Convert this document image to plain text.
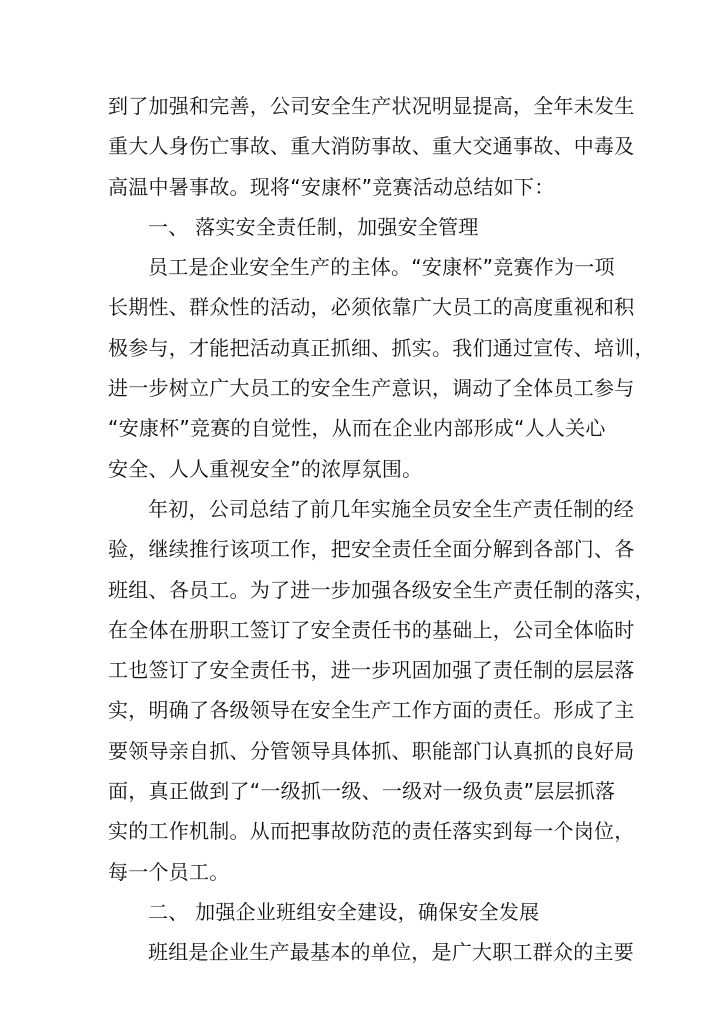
到了加强和完善，公司安全生产状况明显提高，全年未发生
重大人身伤亡事故、重大消防事故、重大交通事故、中毒及
高温中暑事故。现将“安康杯”竞赛活动总结如下：
一、 落实安全责任制，加强安全管理
员工是企业安全生产的主体。“安康杯”竞赛作为一项
长期性、群众性的活动，必须依靠广大员工的高度重视和积
极参与，才能把活动真正抓细、抓实。我们通过宣传、培训，
进一步树立广大员工的安全生产意识，调动了全体员工参与
“安康杯”竞赛的自觉性，从而在企业内部形成“人人关心
安全、人人重视安全”的浓厚氛围。
年初，公司总结了前几年实施全员安全生产责任制的经
验，继续推行该项工作，把安全责任全面分解到各部门、各
班组、各员工。为了进一步加强各级安全生产责任制的落实，
在全体在册职工签订了安全责任书的基础上，公司全体临时
工也签订了安全责任书，进一步巩固加强了责任制的层层落
实，明确了各级领导在安全生产工作方面的责任。形成了主
要领导亲自抓、分管领导具体抓、职能部门认真抓的良好局
面，真正做到了“一级抓一级、一级对一级负责”层层抓落
实的工作机制。从而把事故防范的责任落实到每一个岗位，
每一个员工。
二、 加强企业班组安全建设，确保安全发展
班组是企业生产最基本的单位，是广大职工群众的主要
